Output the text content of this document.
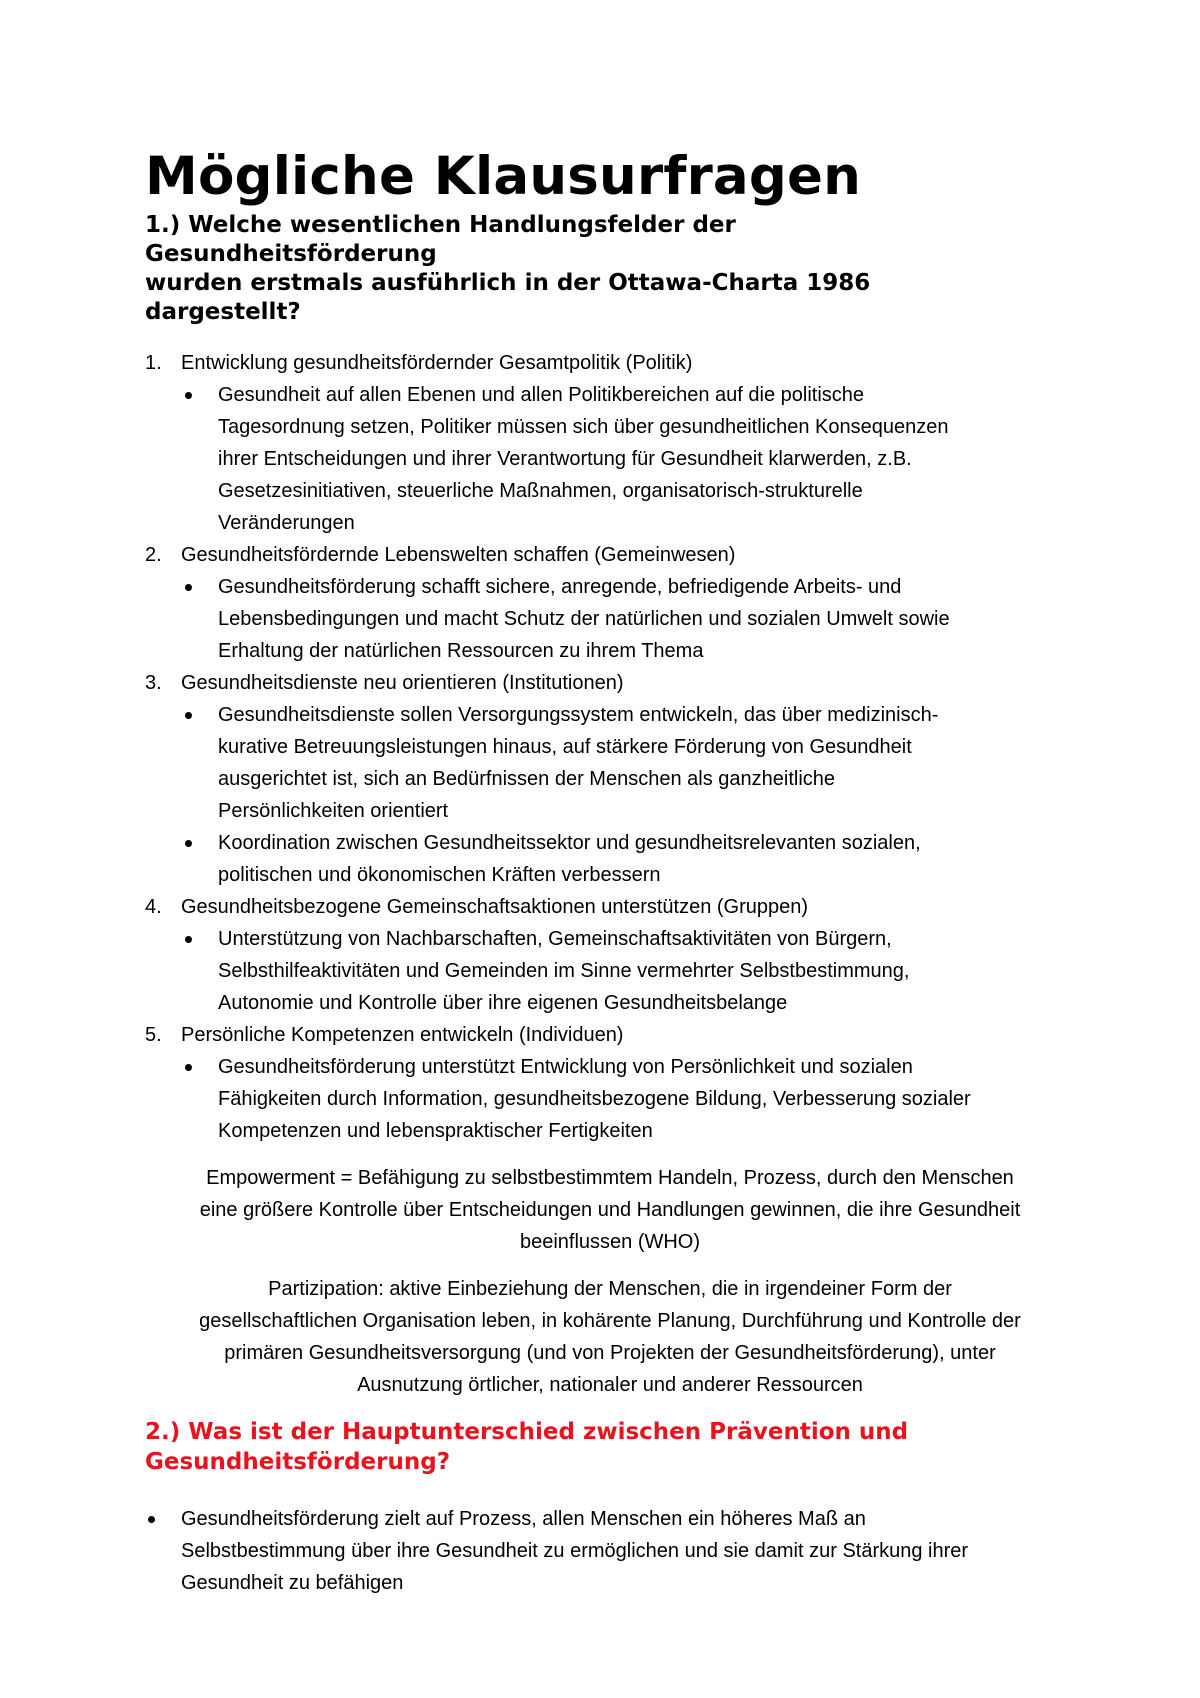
Mögliche Klausurfragen
1.) Welche wesentlichen Handlungsfelder der
Gesundheitsförderung
wurden erstmals ausführlich in der Ottawa-Charta 1986
dargestellt?
1. Entwicklung gesundheitsfördernder Gesamtpolitik (Politik)
Gesundheit auf allen Ebenen und allen Politikbereichen auf die politische
Tagesordnung setzen, Politiker müssen sich über gesundheitlichen Konsequenzen
ihrer Entscheidungen und ihrer Verantwortung für Gesundheit klarwerden, z.B.
Gesetzesinitiativen, steuerliche Maßnahmen, organisatorisch-strukturelle
Veränderungen
2. Gesundheitsfördernde Lebenswelten schaffen (Gemeinwesen)
Gesundheitsförderung schafft sichere, anregende, befriedigende Arbeits- und
Lebensbedingungen und macht Schutz der natürlichen und sozialen Umwelt sowie
Erhaltung der natürlichen Ressourcen zu ihrem Thema
3. Gesundheitsdienste neu orientieren (Institutionen)
Gesundheitsdienste sollen Versorgungssystem entwickeln, das über medizinisch-
kurative Betreuungsleistungen hinaus, auf stärkere Förderung von Gesundheit
ausgerichtet ist, sich an Bedürfnissen der Menschen als ganzheitliche
Persönlichkeiten orientiert
Koordination zwischen Gesundheitssektor und gesundheitsrelevanten sozialen,
politischen und ökonomischen Kräften verbessern
4. Gesundheitsbezogene Gemeinschaftsaktionen unterstützen (Gruppen)
Unterstützung von Nachbarschaften, Gemeinschaftsaktivitäten von Bürgern,
Selbsthilfeaktivitäten und Gemeinden im Sinne vermehrter Selbstbestimmung,
Autonomie und Kontrolle über ihre eigenen Gesundheitsbelange
5. Persönliche Kompetenzen entwickeln (Individuen)
Gesundheitsförderung unterstützt Entwicklung von Persönlichkeit und sozialen
Fähigkeiten durch Information, gesundheitsbezogene Bildung, Verbesserung sozialer
Kompetenzen und lebenspraktischer Fertigkeiten

Empowerment = Befähigung zu selbstbestimmtem Handeln, Prozess, durch den Menschen
eine größere Kontrolle über Entscheidungen und Handlungen gewinnen, die ihre Gesundheit
beeinflussen (WHO)

Partizipation: aktive Einbeziehung der Menschen, die in irgendeiner Form der
gesellschaftlichen Organisation leben, in kohärente Planung, Durchführung und Kontrolle der
primären Gesundheitsversorgung (und von Projekten der Gesundheitsförderung), unter
Ausnutzung örtlicher, nationaler und anderer Ressourcen

2.) Was ist der Hauptunterschied zwischen Prävention und
Gesundheitsförderung?
Gesundheitsförderung zielt auf Prozess, allen Menschen ein höheres Maß an
Selbstbestimmung über ihre Gesundheit zu ermöglichen und sie damit zur Stärkung ihrer
Gesundheit zu befähigen
